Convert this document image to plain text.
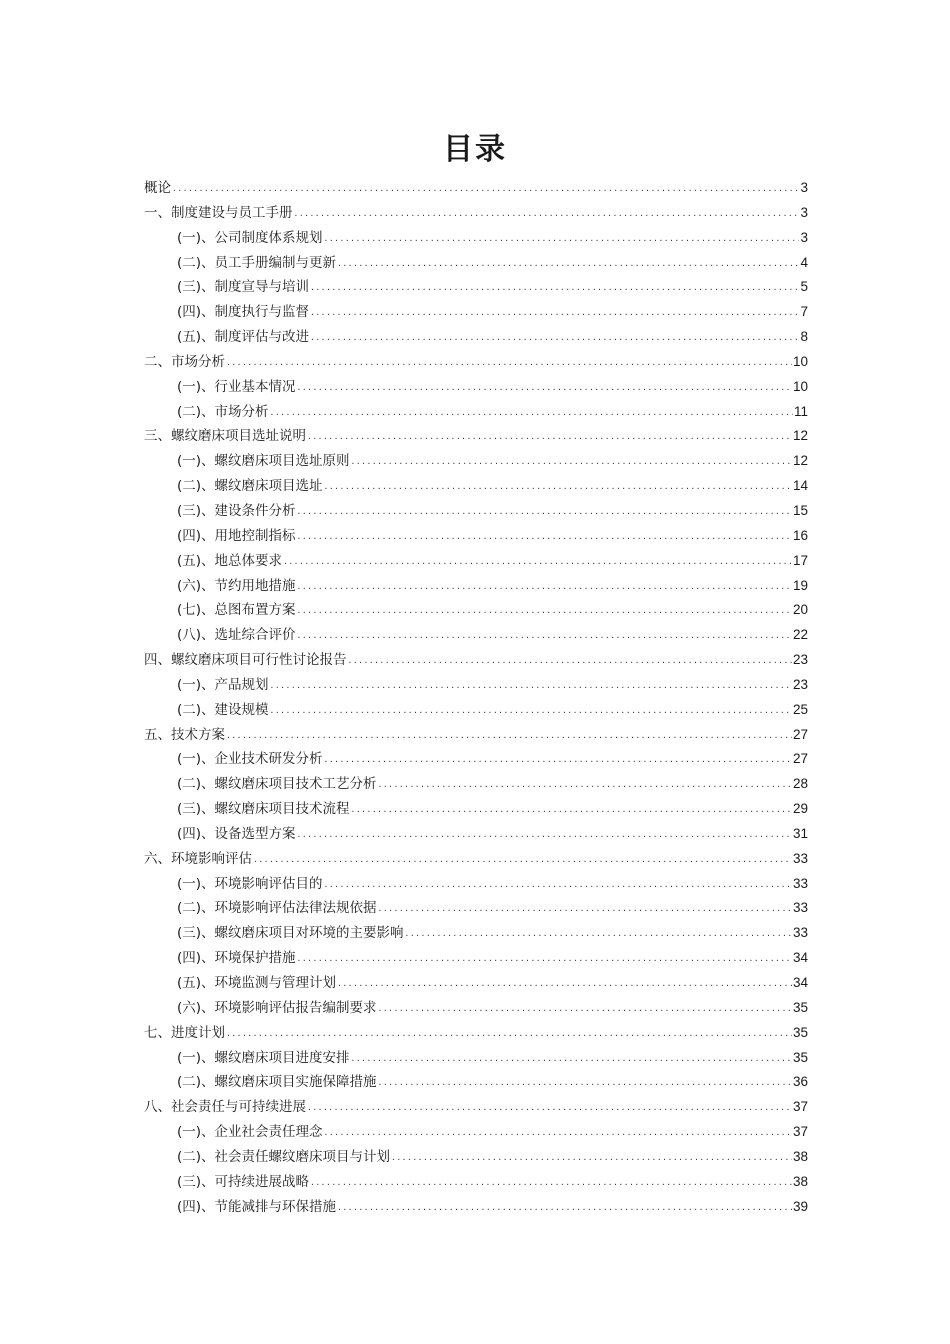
目录
概论 .....	3
一、制度建设与员工手册 .....	3
(一)、公司制度体系规划 .....	3
(二)、员工手册编制与更新 .....	4
(三)、制度宣导与培训 .....	5
(四)、制度执行与监督 .....	7
(五)、制度评估与改进 .....	8
二、市场分析 .....	10
(一)、行业基本情况 .....	10
(二)、市场分析 .....	11
三、螺纹磨床项目选址说明 .....	12
(一)、螺纹磨床项目选址原则 .....	12
(二)、螺纹磨床项目选址 .....	14
(三)、建设条件分析 .....	15
(四)、用地控制指标 .....	16
(五)、地总体要求 .....	17
(六)、节约用地措施 .....	19
(七)、总图布置方案 .....	20
(八)、选址综合评价 .....	22
四、螺纹磨床项目可行性讨论报告 .....	23
(一)、产品规划 .....	23
(二)、建设规模 .....	25
五、技术方案 .....	27
(一)、企业技术研发分析 .....	27
(二)、螺纹磨床项目技术工艺分析 .....	28
(三)、螺纹磨床项目技术流程 .....	29
(四)、设备选型方案 .....	31
六、环境影响评估 .....	33
(一)、环境影响评估目的 .....	33
(二)、环境影响评估法律法规依据 .....	33
(三)、螺纹磨床项目对环境的主要影响 .....	33
(四)、环境保护措施 .....	34
(五)、环境监测与管理计划 .....	34
(六)、环境影响评估报告编制要求 .....	35
七、进度计划 .....	35
(一)、螺纹磨床项目进度安排 .....	35
(二)、螺纹磨床项目实施保障措施 .....	36
八、社会责任与可持续进展 .....	37
(一)、企业社会责任理念 .....	37
(二)、社会责任螺纹磨床项目与计划 .....	38
(三)、可持续进展战略 .....	38
(四)、节能减排与环保措施 .....	39
